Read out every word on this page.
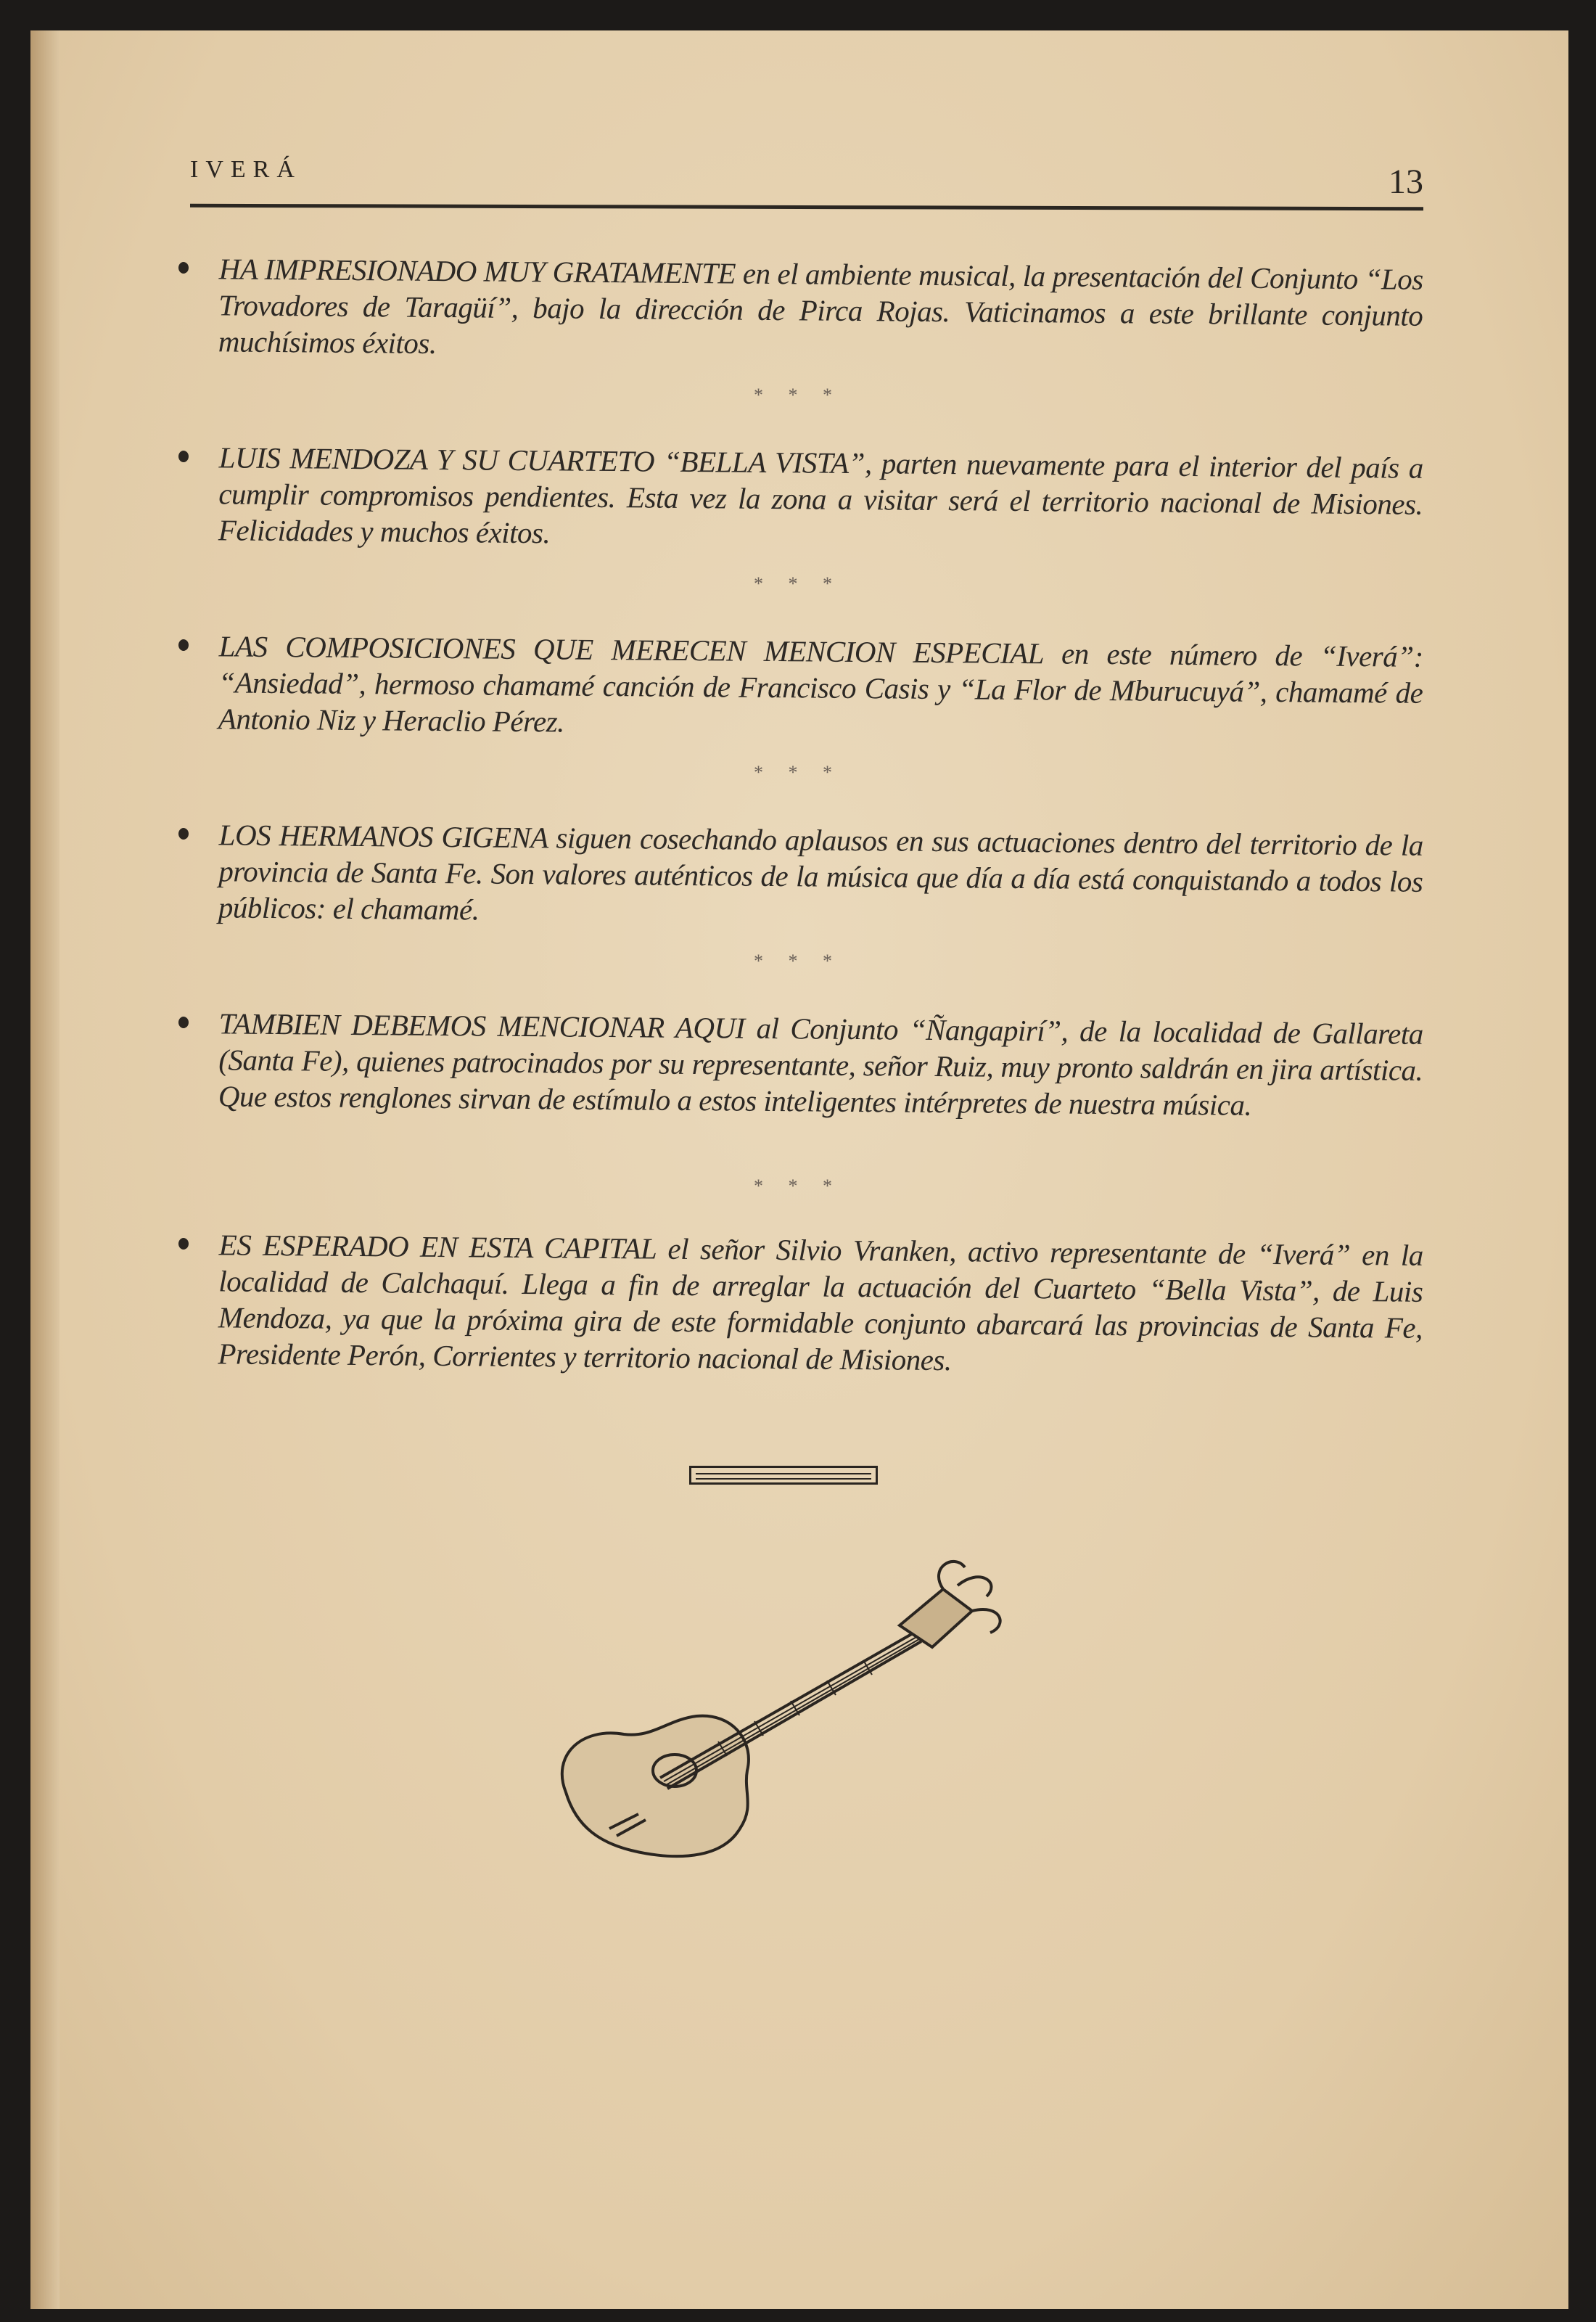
IVERÁ	13
HA IMPRESIONADO MUY GRATAMENTE en el ambiente musical, la presentación del Conjunto “Los Trovadores de Taragüí”, bajo la dirección de Pirca Rojas. Vaticinamos a este brillante conjunto muchísimos éxitos.
* * *
LUIS MENDOZA Y SU CUARTETO “BELLA VISTA”, parten nuevamente para el interior del país a cumplir compromisos pendientes. Esta vez la zona a visitar será el territorio nacional de Misiones. Felicidades y muchos éxitos.
* * *
LAS COMPOSICIONES QUE MERECEN MENCION ESPECIAL en este número de “Iverá”: “Ansiedad”, hermoso chamamé canción de Francisco Casis y “La Flor de Mburucuyá”, chamamé de Antonio Niz y Heraclio Pérez.
* * *
LOS HERMANOS GIGENA siguen cosechando aplausos en sus actuaciones dentro del territorio de la provincia de Santa Fe. Son valores auténticos de la música que día a día está conquistando a todos los públicos: el chamamé.
* * *
TAMBIEN DEBEMOS MENCIONAR AQUI al Conjunto “Ñangapirí”, de la localidad de Gallareta (Santa Fe), quienes patrocinados por su representante, señor Ruiz, muy pronto saldrán en jira artística. Que estos renglones sirvan de estímulo a estos inteligentes intérpretes de nuestra música.
* * *
ES ESPERADO EN ESTA CAPITAL el señor Silvio Vranken, activo representante de “Iverá” en la localidad de Calchaquí. Llega a fin de arreglar la actuación del Cuarteto “Bella Vista”, de Luis Mendoza, ya que la próxima gira de este formidable conjunto abarcará las provincias de Santa Fe, Presidente Perón, Corrientes y territorio nacional de Misiones.
